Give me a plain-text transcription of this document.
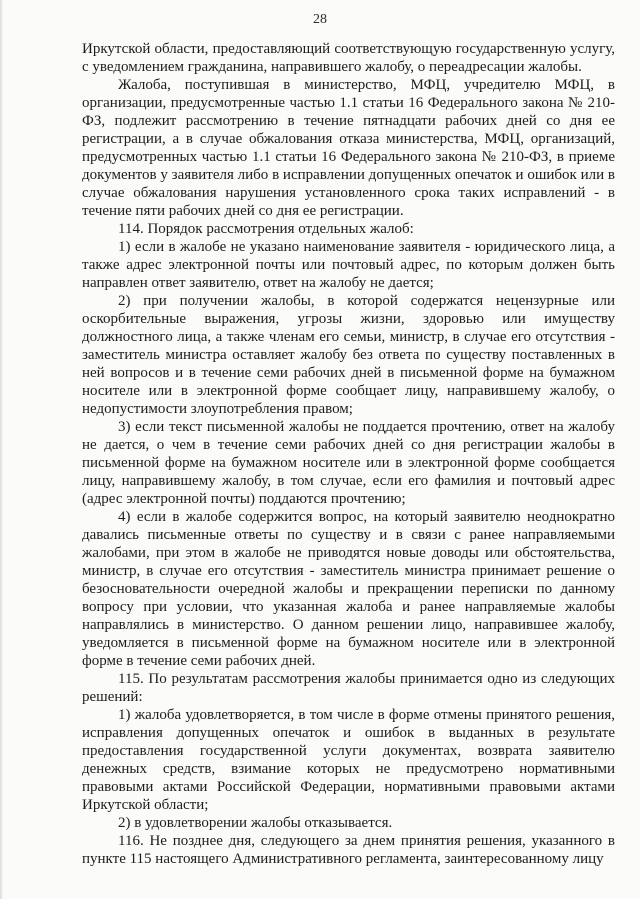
28

Иркутской области, предоставляющий соответствующую государственную услугу, с уведомлением гражданина, направившего жалобу, о переадресации жалобы.

Жалоба, поступившая в министерство, МФЦ, учредителю МФЦ, в организации, предусмотренные частью 1.1 статьи 16 Федерального закона № 210-ФЗ, подлежит рассмотрению в течение пятнадцати рабочих дней со дня ее регистрации, а в случае обжалования отказа министерства, МФЦ, организаций, предусмотренных частью 1.1 статьи 16 Федерального закона № 210-ФЗ, в приеме документов у заявителя либо в исправлении допущенных опечаток и ошибок или в случае обжалования нарушения установленного срока таких исправлений - в течение пяти рабочих дней со дня ее регистрации.

114. Порядок рассмотрения отдельных жалоб:

1) если в жалобе не указано наименование заявителя - юридического лица, а также адрес электронной почты или почтовый адрес, по которым должен быть направлен ответ заявителю, ответ на жалобу не дается;

2) при получении жалобы, в которой содержатся нецензурные или оскорбительные выражения, угрозы жизни, здоровью или имуществу должностного лица, а также членам его семьи, министр, в случае его отсутствия - заместитель министра оставляет жалобу без ответа по существу поставленных в ней вопросов и в течение семи рабочих дней в письменной форме на бумажном носителе или в электронной форме сообщает лицу, направившему жалобу, о недопустимости злоупотребления правом;

3) если текст письменной жалобы не поддается прочтению, ответ на жалобу не дается, о чем в течение семи рабочих дней со дня регистрации жалобы в письменной форме на бумажном носителе или в электронной форме сообщается лицу, направившему жалобу, в том случае, если его фамилия и почтовый адрес (адрес электронной почты) поддаются прочтению;

4) если в жалобе содержится вопрос, на который заявителю неоднократно давались письменные ответы по существу и в связи с ранее направляемыми жалобами, при этом в жалобе не приводятся новые доводы или обстоятельства, министр, в случае его отсутствия - заместитель министра принимает решение о безосновательности очередной жалобы и прекращении переписки по данному вопросу при условии, что указанная жалоба и ранее направляемые жалобы направлялись в министерство. О данном решении лицо, направившее жалобу, уведомляется в письменной форме на бумажном носителе или в электронной форме в течение семи рабочих дней.

115. По результатам рассмотрения жалобы принимается одно из следующих решений:

1) жалоба удовлетворяется, в том числе в форме отмены принятого решения, исправления допущенных опечаток и ошибок в выданных в результате предоставления государственной услуги документах, возврата заявителю денежных средств, взимание которых не предусмотрено нормативными правовыми актами Российской Федерации, нормативными правовыми актами Иркутской области;

2) в удовлетворении жалобы отказывается.

116. Не позднее дня, следующего за днем принятия решения, указанного в пункте 115 настоящего Административного регламента, заинтересованному лицу
